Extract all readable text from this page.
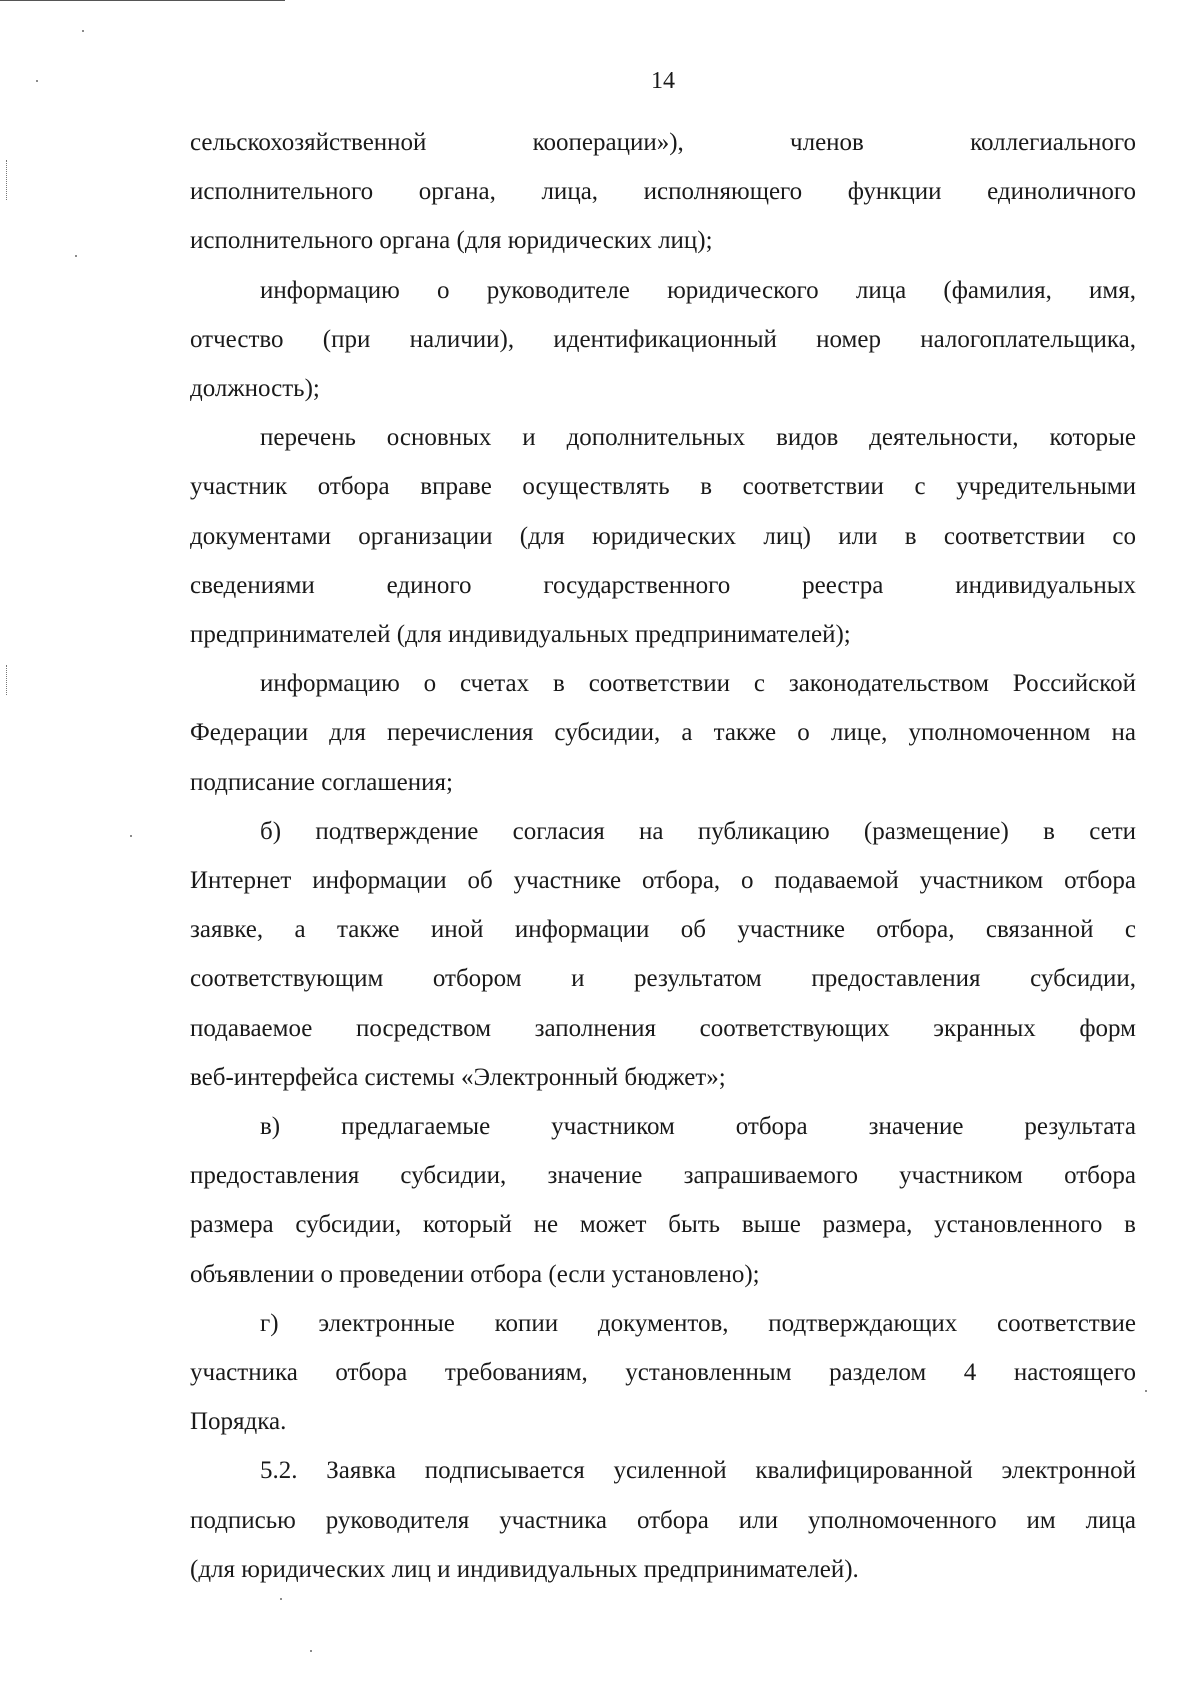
14
сельскохозяйственной кооперации»), членов коллегиального
исполнительного органа, лица, исполняющего функции единоличного
исполнительного органа (для юридических лиц);
информацию о руководителе юридического лица (фамилия, имя,
отчество (при наличии), идентификационный номер налогоплательщика,
должность);
перечень основных и дополнительных видов деятельности, которые
участник отбора вправе осуществлять в соответствии с учредительными
документами организации (для юридических лиц) или в соответствии со
сведениями единого государственного реестра индивидуальных
предпринимателей (для индивидуальных предпринимателей);
информацию о счетах в соответствии с законодательством Российской
Федерации для перечисления субсидии, а также о лице, уполномоченном на
подписание соглашения;
б) подтверждение согласия на публикацию (размещение) в сети
Интернет информации об участнике отбора, о подаваемой участником отбора
заявке, а также иной информации об участнике отбора, связанной с
соответствующим отбором и результатом предоставления субсидии,
подаваемое посредством заполнения соответствующих экранных форм
веб-интерфейса системы «Электронный бюджет»;
в) предлагаемые участником отбора значение результата
предоставления субсидии, значение запрашиваемого участником отбора
размера субсидии, который не может быть выше размера, установленного в
объявлении о проведении отбора (если установлено);
г) электронные копии документов, подтверждающих соответствие
участника отбора требованиям, установленным разделом 4 настоящего
Порядка.
5.2. Заявка подписывается усиленной квалифицированной электронной
подписью руководителя участника отбора или уполномоченного им лица
(для юридических лиц и индивидуальных предпринимателей).
